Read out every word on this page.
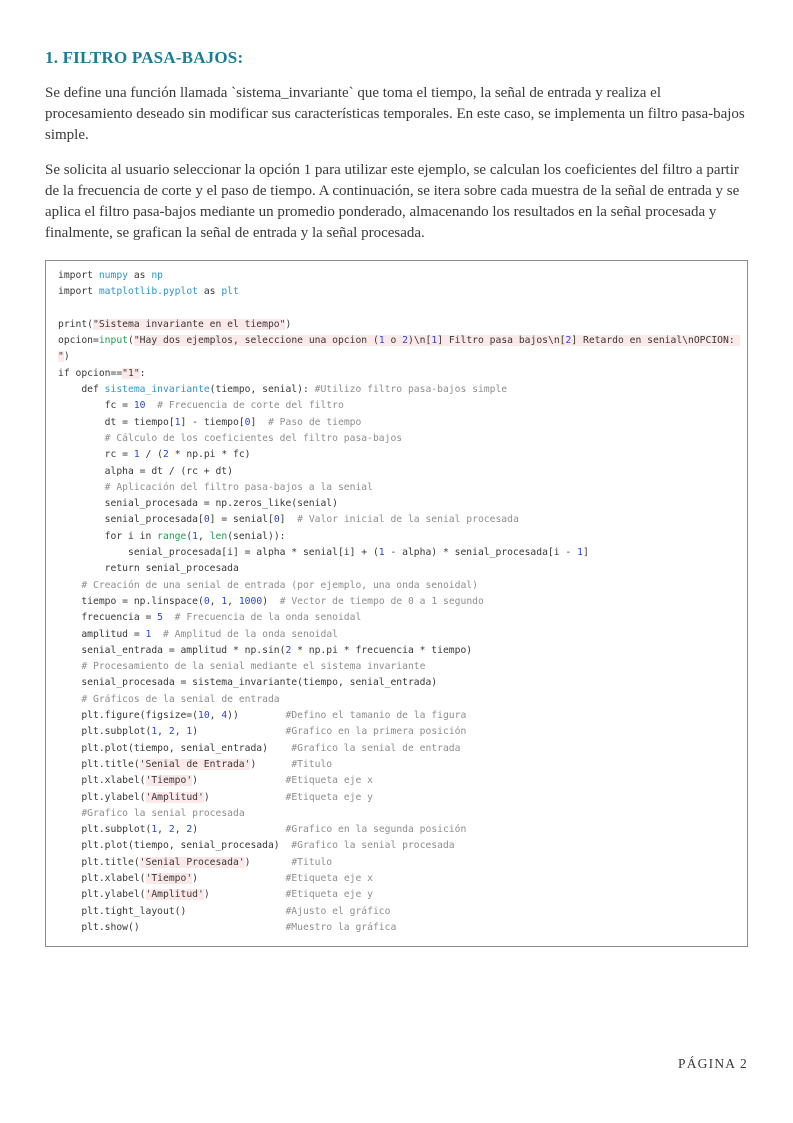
1. FILTRO PASA-BAJOS:

Se define una función llamada `sistema_invariante` que toma el tiempo, la señal de entrada y realiza el procesamiento deseado sin modificar sus características temporales. En este caso, se implementa un filtro pasa-bajos simple.

Se solicita al usuario seleccionar la opción 1 para utilizar este ejemplo, se calculan los coeficientes del filtro a partir de la frecuencia de corte y el paso de tiempo. A continuación, se itera sobre cada muestra de la señal de entrada y se aplica el filtro pasa-bajos mediante un promedio ponderado, almacenando los resultados en la señal procesada y finalmente, se grafican la señal de entrada y la señal procesada.

import numpy as np
import matplotlib.pyplot as plt

print("Sistema invariante en el tiempo")
opcion=input("Hay dos ejemplos, seleccione una opcion (1 o 2)\n[1] Filtro pasa bajos\n[2] Retardo en senial\nOPCION:
")
if opcion=="1":
def sistema_invariante(tiempo, senial): #Utilizo filtro pasa-bajos simple
fc = 10 # Frecuencia de corte del filtro
dt = tiempo[1] - tiempo[0]  # Paso de tiempo
# Cálculo de los coeficientes del filtro pasa-bajos
rc = 1 / (2 * np.pi * fc)
alpha = dt / (rc + dt)
# Aplicación del filtro pasa-bajos a la senial
senial_procesada = np.zeros_like(senial)
senial_procesada[0] = senial[0]  # Valor inicial de la senial procesada
for i in range(1, len(senial)):
senial_procesada[i] = alpha * senial[i] + (1 - alpha) * senial_procesada[i - 1]
return senial_procesada
# Creación de una senial de entrada (por ejemplo, una onda senoidal)
tiempo = np.linspace(0, 1, 1000)  # Vector de tiempo de 0 a 1 segundo
frecuencia = 5 # Frecuencia de la onda senoidal
amplitud = 1 # Amplitud de la onda senoidal
senial_entrada = amplitud * np.sin(2 * np.pi * frecuencia * tiempo)
# Procesamiento de la senial mediante el sistema invariante
senial_procesada = sistema_invariante(tiempo, senial_entrada)
# Gráficos de la senial de entrada
plt.figure(figsize=(10, 4))        #Defino el tamanio de la figura
plt.subplot(1, 2, 1)               #Grafico en la primera posición
plt.plot(tiempo, senial_entrada)    #Grafico la senial de entrada
plt.title('Senial de Entrada')      #Titulo
plt.xlabel('Tiempo')               #Etiqueta eje x
plt.ylabel('Amplitud')             #Etiqueta eje y
#Grafico la senial procesada
plt.subplot(1, 2, 2)               #Grafico en la segunda posición
plt.plot(tiempo, senial_procesada)  #Grafico la senial procesada
plt.title('Senial Procesada')       #Titulo
plt.xlabel('Tiempo')               #Etiqueta eje x
plt.ylabel('Amplitud')             #Etiqueta eje y
plt.tight_layout()                 #Ajusto el gráfico
plt.show()                         #Muestro la gráfica
PÁGINA 2
